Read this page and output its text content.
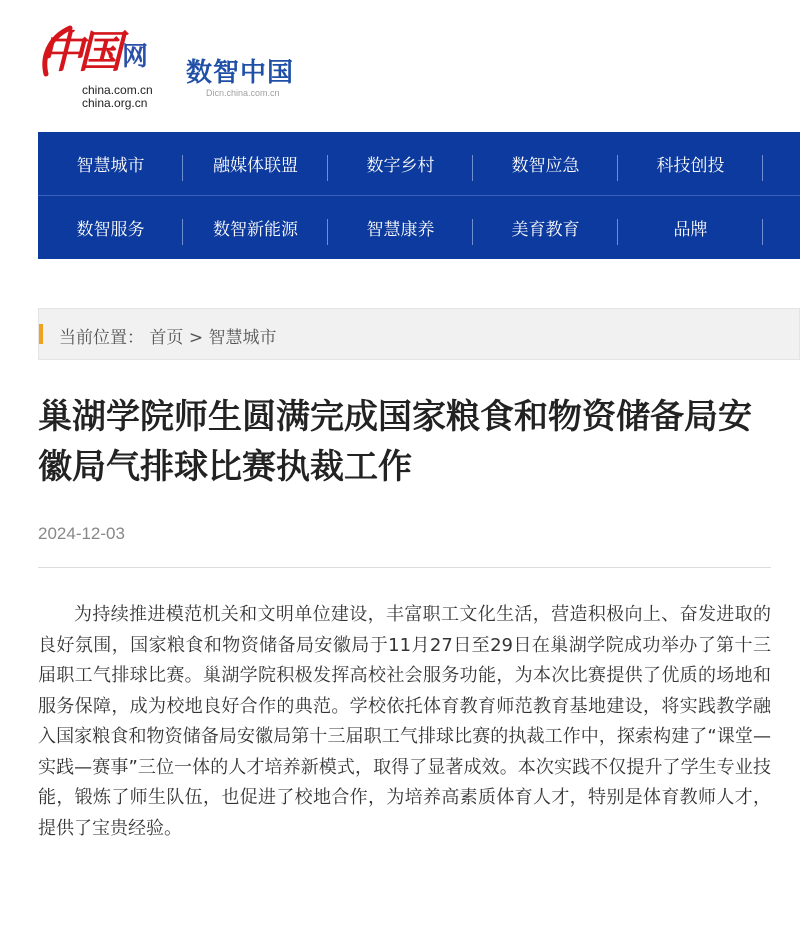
中国 网
china.com.cn
china.org.cn
数智中国
Dicn.china.com.cn
智慧城市	融媒体联盟	数字乡村	数智应急	科技创投
数智服务	数智新能源	智慧康养	美育教育	品牌
当前位置： 首页 > 智慧城市
巢湖学院师生圆满完成国家粮食和物资储备局安徽局气排球比赛执裁工作
2024-12-03

为持续推进模范机关和文明单位建设，丰富职工文化生活，营造积极向上、奋发进取的良好氛围，国家粮食和物资储备局安徽局于11月27日至29日在巢湖学院成功举办了第十三届职工气排球比赛。巢湖学院积极发挥高校社会服务功能，为本次比赛提供了优质的场地和服务保障，成为校地良好合作的典范。学校依托体育教育师范教育基地建设，将实践教学融入国家粮食和物资储备局安徽局第十三届职工气排球比赛的执裁工作中，探索构建了“课堂—实践—赛事”三位一体的人才培养新模式，取得了显著成效。本次实践不仅提升了学生专业技能，锻炼了师生队伍，也促进了校地合作，为培养高素质体育人才，特别是体育教师人才，提供了宝贵经验。
